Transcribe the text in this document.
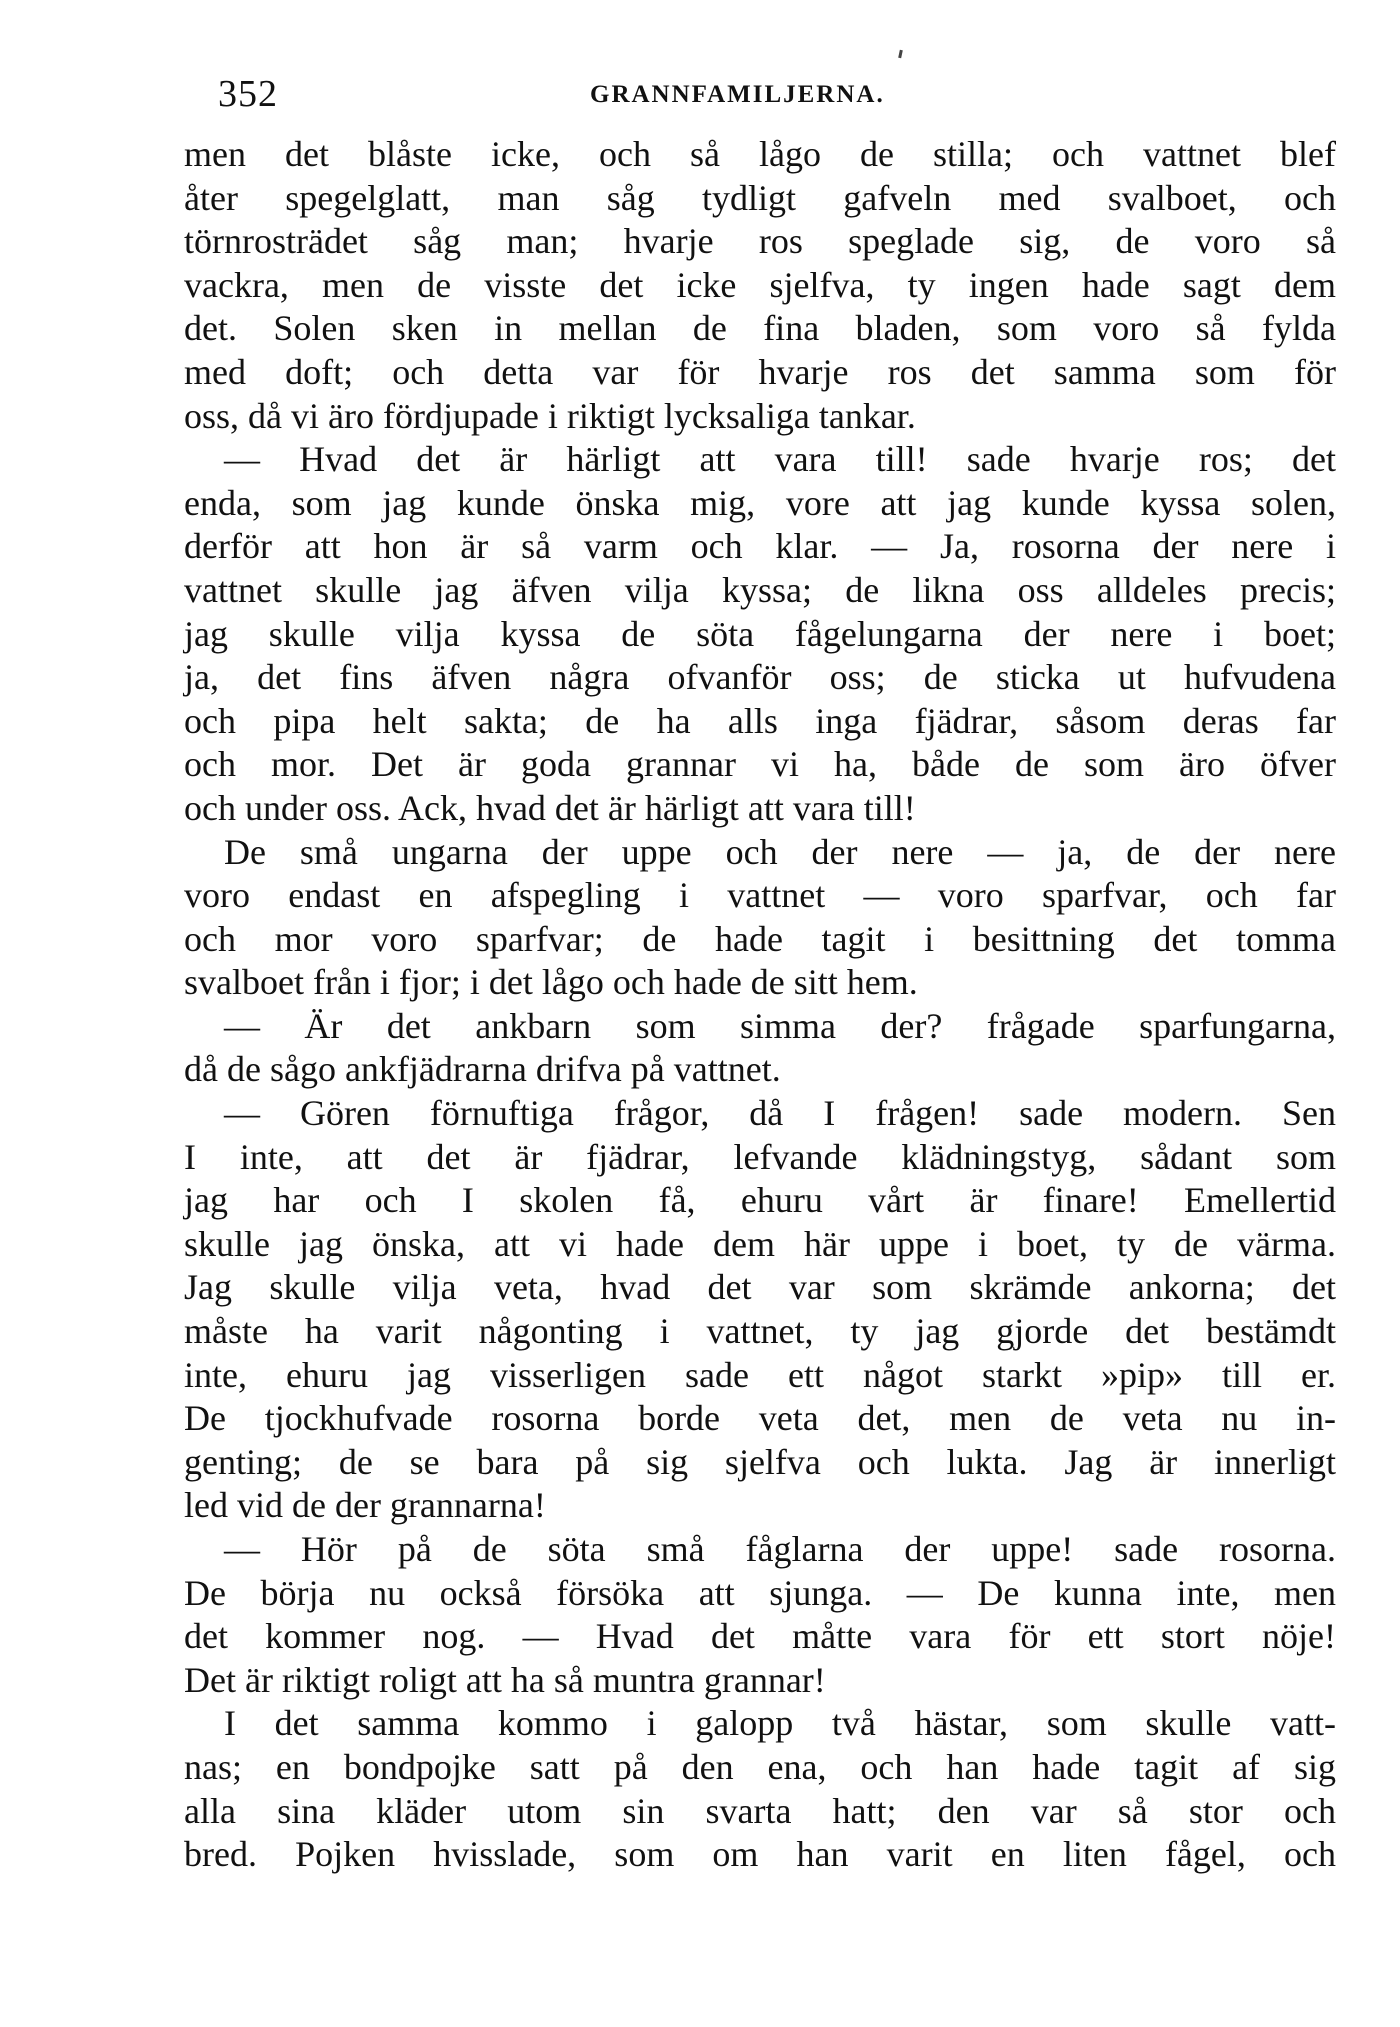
352	GRANNFAMILJERNA.
men det blåste icke, och så lågo de stilla; och vattnet blef
åter spegelglatt, man såg tydligt gafveln med svalboet, och
törnrosträdet såg man; hvarje ros speglade sig, de voro så
vackra, men de visste det icke sjelfva, ty ingen hade sagt dem
det. Solen sken in mellan de fina bladen, som voro så fylda
med doft; och detta var för hvarje ros det samma som för
oss, då vi äro fördjupade i riktigt lycksaliga tankar.
— Hvad det är härligt att vara till! sade hvarje ros; det
enda, som jag kunde önska mig, vore att jag kunde kyssa solen,
derför att hon är så varm och klar. — Ja, rosorna der nere i
vattnet skulle jag äfven vilja kyssa; de likna oss alldeles precis;
jag skulle vilja kyssa de söta fågelungarna der nere i boet;
ja, det fins äfven några ofvanför oss; de sticka ut hufvudena
och pipa helt sakta; de ha alls inga fjädrar, såsom deras far
och mor. Det är goda grannar vi ha, både de som äro öfver
och under oss. Ack, hvad det är härligt att vara till!
De små ungarna der uppe och der nere — ja, de der nere
voro endast en afspegling i vattnet — voro sparfvar, och far
och mor voro sparfvar; de hade tagit i besittning det tomma
svalboet från i fjor; i det lågo och hade de sitt hem.
— Är det ankbarn som simma der? frågade sparfungarna,
då de sågo ankfjädrarna drifva på vattnet.
— Gören förnuftiga frågor, då I frågen! sade modern. Sen
I inte, att det är fjädrar, lefvande klädningstyg, sådant som
jag har och I skolen få, ehuru vårt är finare! Emellertid
skulle jag önska, att vi hade dem här uppe i boet, ty de värma.
Jag skulle vilja veta, hvad det var som skrämde ankorna; det
måste ha varit någonting i vattnet, ty jag gjorde det bestämdt
inte, ehuru jag visserligen sade ett något starkt »pip» till er.
De tjockhufvade rosorna borde veta det, men de veta nu in-
genting; de se bara på sig sjelfva och lukta. Jag är innerligt
led vid de der grannarna!
— Hör på de söta små fåglarna der uppe! sade rosorna.
De börja nu också försöka att sjunga. — De kunna inte, men
det kommer nog. — Hvad det måtte vara för ett stort nöje!
Det är riktigt roligt att ha så muntra grannar!
I det samma kommo i galopp två hästar, som skulle vatt-
nas; en bondpojke satt på den ena, och han hade tagit af sig
alla sina kläder utom sin svarta hatt; den var så stor och
bred. Pojken hvisslade, som om han varit en liten fågel, och
